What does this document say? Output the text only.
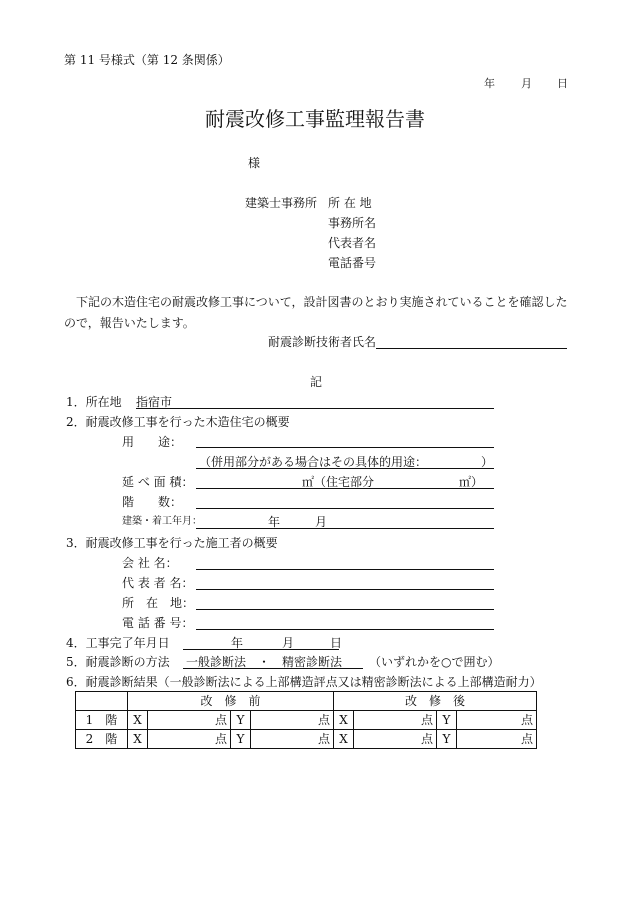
第 11 号様式（第 12 条関係）
年 月 日
耐震改修工事監理報告書
様
建築士事務所 所 在 地
事務所名
代表者名
電話番号
下記の木造住宅の耐震改修工事について，設計図書のとおり実施されていることを確認した
ので，報告いたします。
耐震診断技術者氏名
記
1．所在地 指宿市
2．耐震改修工事を行った木造住宅の概要
用　　途：
（併用部分がある場合はその具体的用途：　　　　　）
延 べ 面 積：	㎡（住宅部分	㎡）
階　　数：
建築・着工年月：	年	月
3．耐震改修工事を行った施工者の概要
会 社 名：
代 表 者 名：
所　在　地：
電 話 番 号：
4．工事完了年月日	年	月	日
5．耐震診断の方法 一般診断法　・　精密診断法 （いずれかを○で囲む）
6．耐震診断結果（一般診断法による上部構造評点又は精密診断法による上部構造耐力）
	改　修　前				改　修　後			
1　階	X	点	Y	点	X	点	Y	点
2　階	X	点	Y	点	X	点	Y	点
